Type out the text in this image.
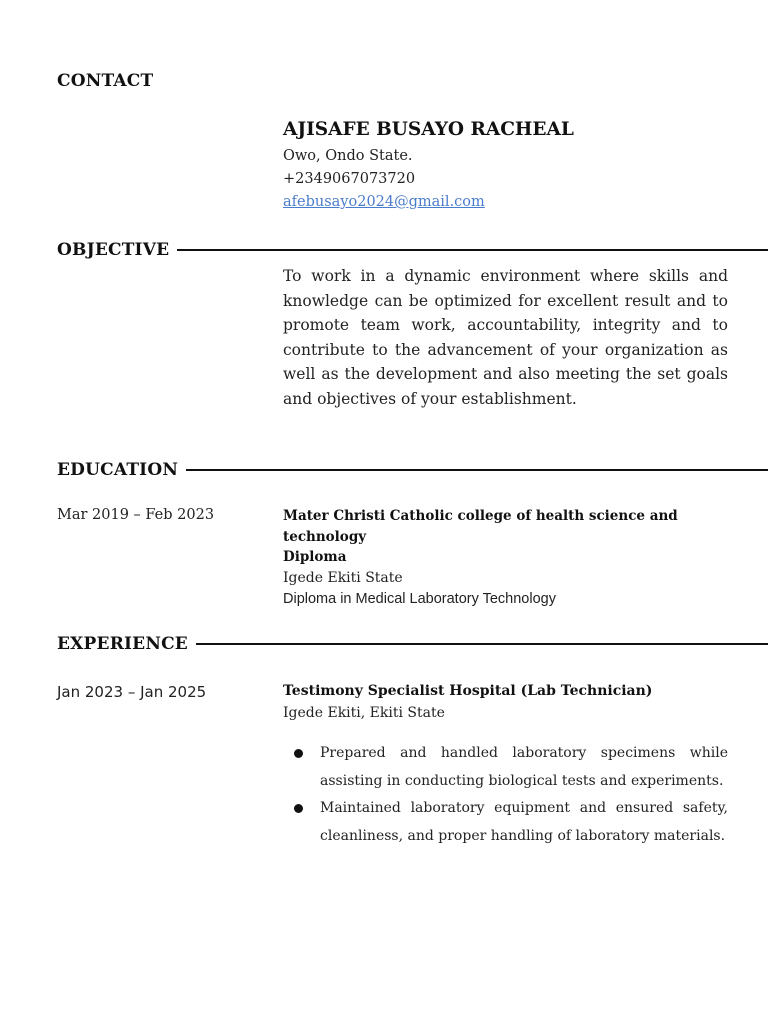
CONTACT
AJISAFE BUSAYO RACHEAL
Owo, Ondo State.
+2349067073720
afebusayo2024@gmail.com
OBJECTIVE
To work in a dynamic environment where skills and knowledge can be optimized for excellent result and to promote team work, accountability, integrity and to contribute to the advancement of your organization as well as the development and also meeting the set goals and objectives of your establishment.
EDUCATION
Mar 2019 – Feb 2023	Mater Christi Catholic college of health science and
technology
Diploma
Igede Ekiti State
Diploma in Medical Laboratory Technology
EXPERIENCE
Jan 2023 – Jan 2025	Testimony Specialist Hospital (Lab Technician)
Igede Ekiti, Ekiti State
Prepared and handled laboratory specimens while assisting in conducting biological tests and experiments.
Maintained laboratory equipment and ensured safety, cleanliness, and proper handling of laboratory materials.
